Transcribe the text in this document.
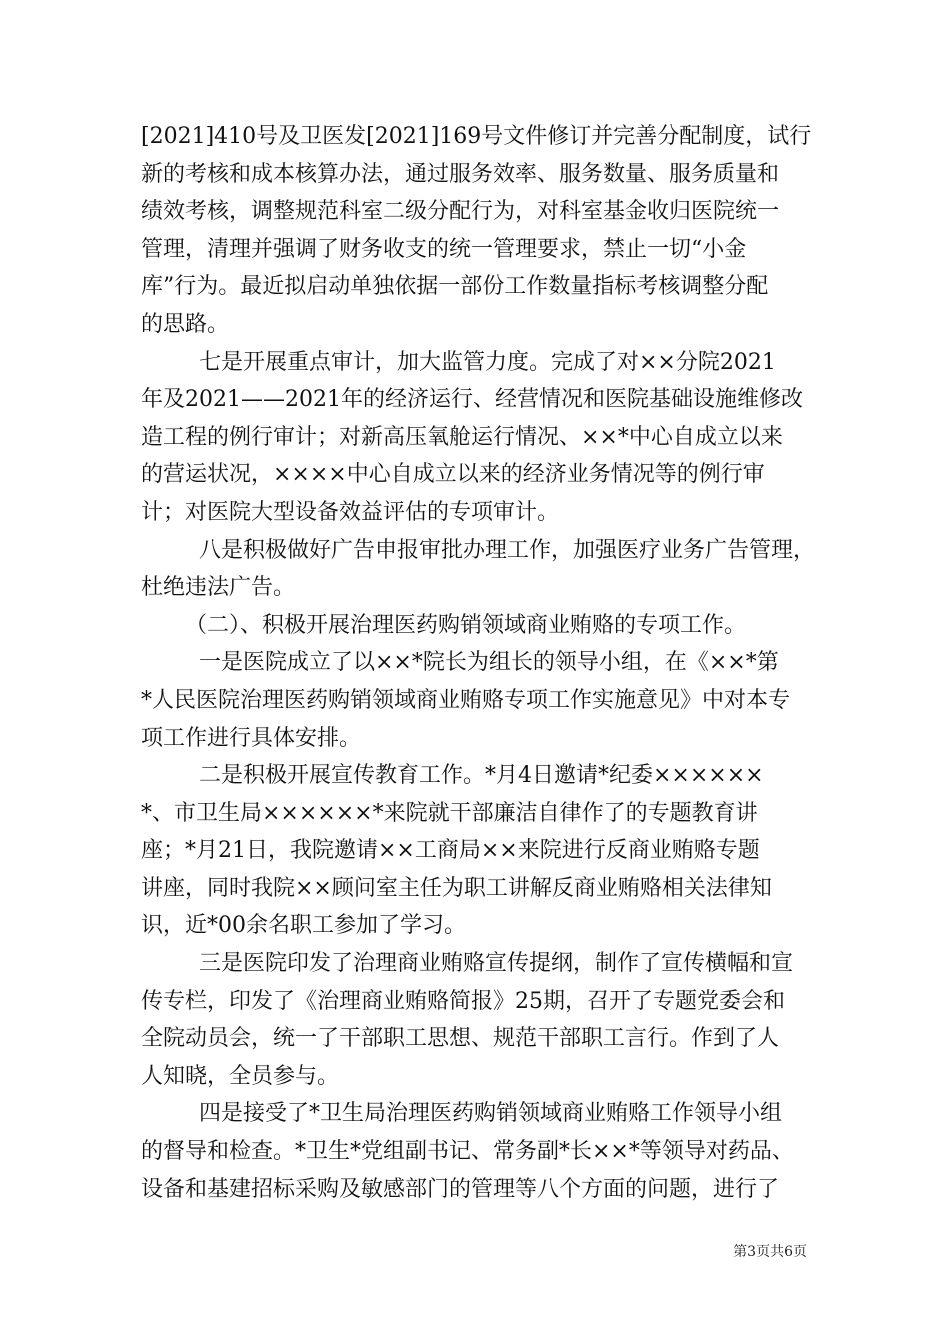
[2021]410号及卫医发[2021]169号文件修订并完善分配制度，试行
新的考核和成本核算办法，通过服务效率、服务数量、服务质量和
绩效考核，调整规范科室二级分配行为，对科室基金收归医院统一
管理，清理并强调了财务收支的统一管理要求，禁止一切“小金
库”行为。最近拟启动单独依据一部份工作数量指标考核调整分配
的思路。
七是开展重点审计，加大监管力度。完成了对××分院2021
年及2021——2021年的经济运行、经营情况和医院基础设施维修改
造工程的例行审计；对新高压氧舱运行情况、××*中心自成立以来
的营运状况，××××中心自成立以来的经济业务情况等的例行审
计；对医院大型设备效益评估的专项审计。
八是积极做好广告申报审批办理工作，加强医疗业务广告管理，
杜绝违法广告。
（二）、积极开展治理医药购销领域商业贿赂的专项工作。
一是医院成立了以××*院长为组长的领导小组，在《××*第
*人民医院治理医药购销领域商业贿赂专项工作实施意见》中对本专
项工作进行具体安排。
二是积极开展宣传教育工作。*月4日邀请*纪委××××××
*、市卫生局××××××*来院就干部廉洁自律作了的专题教育讲
座；*月21日，我院邀请××工商局××来院进行反商业贿赂专题
讲座，同时我院××顾问室主任为职工讲解反商业贿赂相关法律知
识，近*00余名职工参加了学习。
三是医院印发了治理商业贿赂宣传提纲，制作了宣传横幅和宣
传专栏，印发了《治理商业贿赂简报》25期，召开了专题党委会和
全院动员会，统一了干部职工思想、规范干部职工言行。作到了人
人知晓，全员参与。
四是接受了*卫生局治理医药购销领域商业贿赂工作领导小组
的督导和检查。*卫生*党组副书记、常务副*长××*等领导对药品、
设备和基建招标采购及敏感部门的管理等八个方面的问题，进行了
第3页共6页
